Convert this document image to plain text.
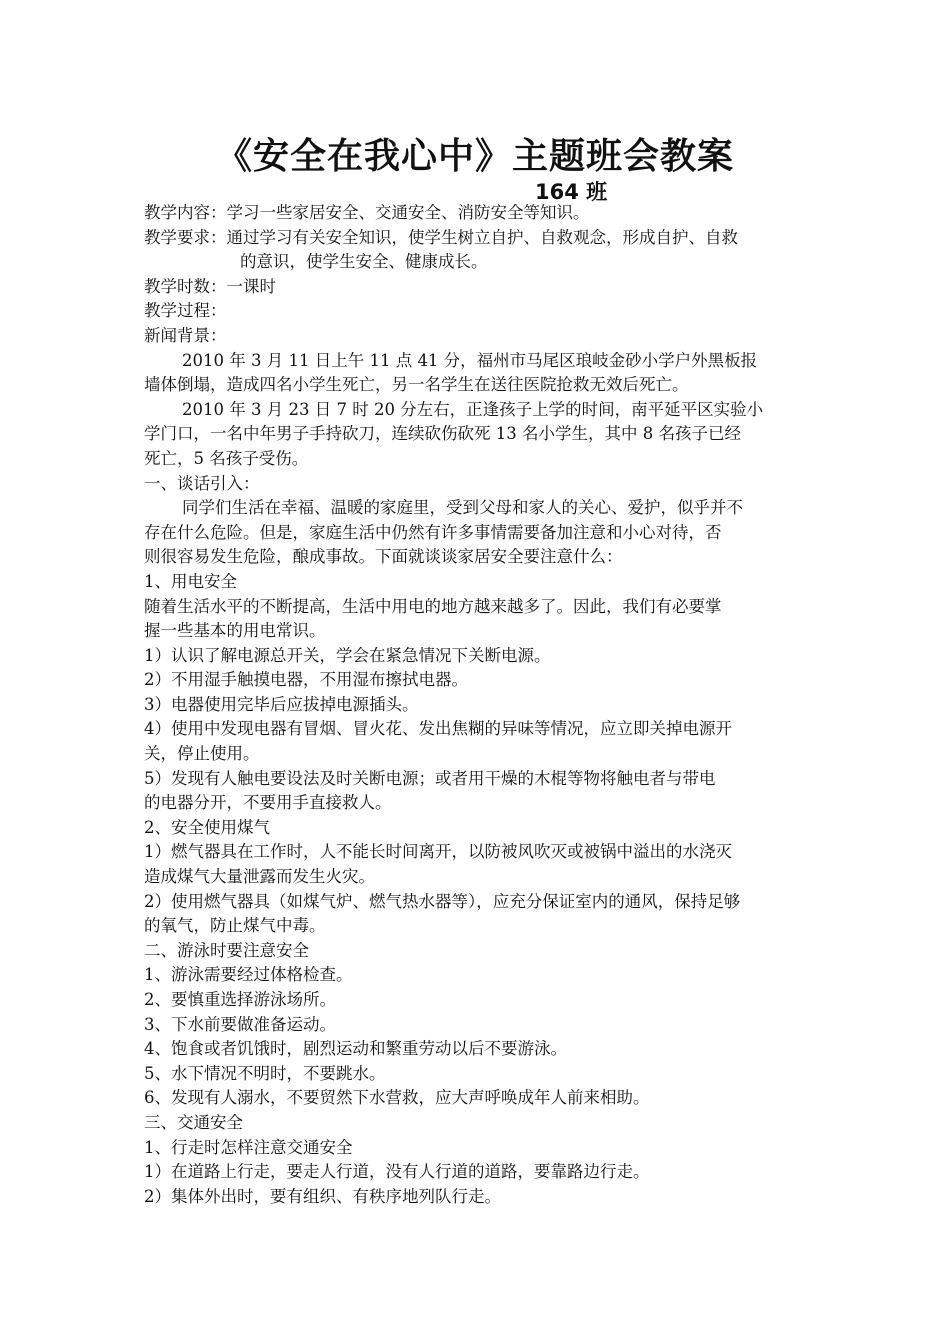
《安全在我心中》主题班会教案
164 班
教学内容：学习一些家居安全、交通安全、消防安全等知识。
教学要求：通过学习有关安全知识，使学生树立自护、自救观念，形成自护、自救
的意识，使学生安全、健康成长。
教学时数：一课时
教学过程：
新闻背景：
2010 年 3 月 11 日上午 11 点 41 分，福州市马尾区琅岐金砂小学户外黑板报
墙体倒塌，造成四名小学生死亡，另一名学生在送往医院抢救无效后死亡。
2010 年 3 月 23 日 7 时 20 分左右，正逢孩子上学的时间，南平延平区实验小
学门口，一名中年男子手持砍刀，连续砍伤砍死 13 名小学生，其中 8 名孩子已经
死亡，5 名孩子受伤。
一、谈话引入：
同学们生活在幸福、温暖的家庭里，受到父母和家人的关心、爱护，似乎并不
存在什么危险。但是，家庭生活中仍然有许多事情需要备加注意和小心对待，否
则很容易发生危险，酿成事故。下面就谈谈家居安全要注意什么：
1、用电安全
随着生活水平的不断提高，生活中用电的地方越来越多了。因此，我们有必要掌
握一些基本的用电常识。
1）认识了解电源总开关，学会在紧急情况下关断电源。
2）不用湿手触摸电器，不用湿布擦拭电器。
3）电器使用完毕后应拔掉电源插头。
4）使用中发现电器有冒烟、冒火花、发出焦糊的异味等情况，应立即关掉电源开
关，停止使用。
5）发现有人触电要设法及时关断电源；或者用干燥的木棍等物将触电者与带电
的电器分开，不要用手直接救人。
2、安全使用煤气
1）燃气器具在工作时，人不能长时间离开，以防被风吹灭或被锅中溢出的水浇灭
造成煤气大量泄露而发生火灾。
2）使用燃气器具（如煤气炉、燃气热水器等），应充分保证室内的通风，保持足够
的氧气，防止煤气中毒。
二、游泳时要注意安全
1、游泳需要经过体格检查。
2、要慎重选择游泳场所。
3、下水前要做准备运动。
4、饱食或者饥饿时，剧烈运动和繁重劳动以后不要游泳。
5、水下情况不明时，不要跳水。
6、发现有人溺水，不要贸然下水营救，应大声呼唤成年人前来相助。
三、交通安全
1、行走时怎样注意交通安全
1）在道路上行走，要走人行道，没有人行道的道路，要靠路边行走。
2）集体外出时，要有组织、有秩序地列队行走。
